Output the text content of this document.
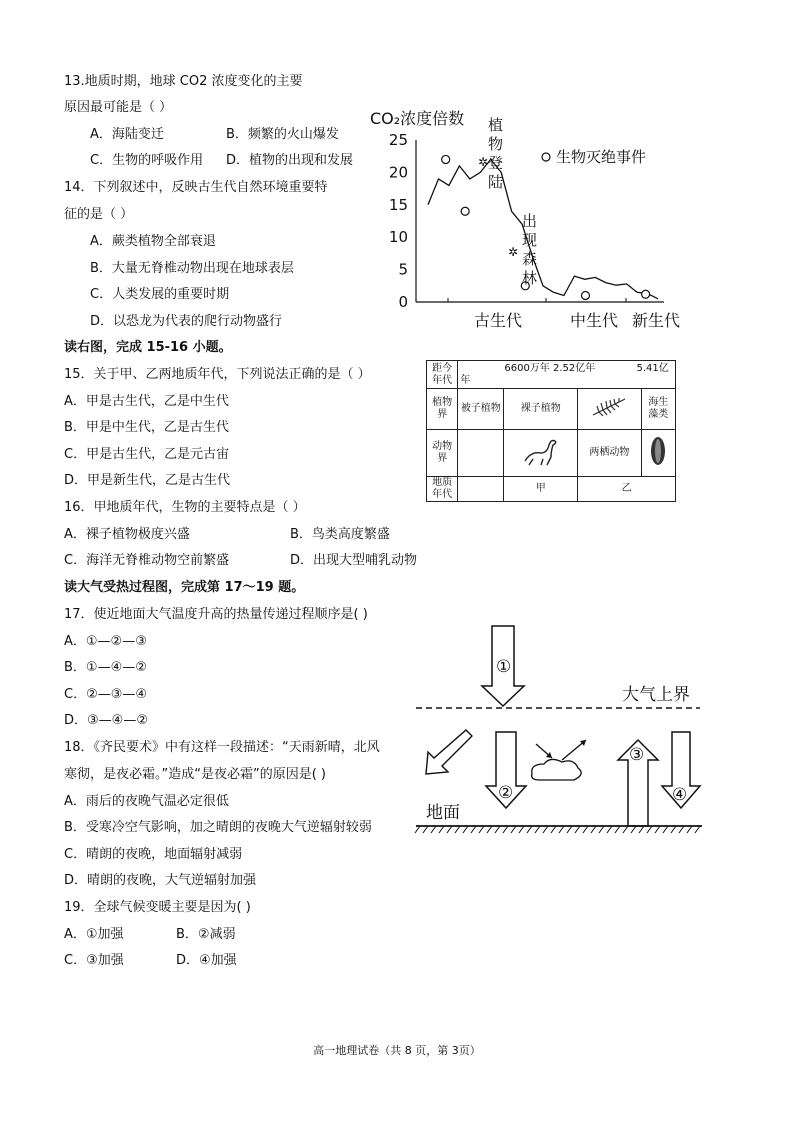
13.地质时期，地球 CO2 浓度变化的主要
原因最可能是（ ）
A．海陆变迁	B．频繁的火山爆发
C．生物的呼吸作用 D．植物的出现和发展
14．下列叙述中，反映古生代自然环境重要特
征的是（ ）
A．蕨类植物全部衰退
B．大量无脊椎动物出现在地球表层
C．人类发展的重要时期
D．以恐龙为代表的爬行动物盛行
读右图，完成 15-16 小题。
15．关于甲、乙两地质年代，下列说法正确的是（ ）
A．甲是古生代，乙是中生代
B．甲是中生代，乙是古生代
C．甲是古生代，乙是元古宙
D．甲是新生代，乙是古生代
16．甲地质年代，生物的主要特点是（ ）
A．裸子植物极度兴盛	B．鸟类高度繁盛
C．海洋无脊椎动物空前繁盛	D．出现大型哺乳动物
读大气受热过程图，完成第 17～19 题。
17．使近地面大气温度升高的热量传递过程顺序是( )
A．①—②—③
B．①—④—②
C．②—③—④
D．③—④—②
18．《齐民要术》中有这样一段描述：“天雨新晴，北风
寒彻，是夜必霜。”造成“是夜必霜”的原因是( )
A．雨后的夜晚气温必定很低
B．受寒冷空气影响，加之晴朗的夜晚大气逆辐射较弱
C．晴朗的夜晚，地面辐射减弱
D．晴朗的夜晚，大气逆辐射加强
19．全球气候变暖主要是因为( )
A．①加强	B．②减弱
C．③加强	D．④加强
CO₂浓度倍数
0
5
10
15
20
25
古生代	中生代 新生代
✲
✲
植物登陆
出现森林
生物灭绝事件
距今年代	6600万年 2.52亿年 5.41亿年			
植物界	被子植物	裸子植物		海生藻类
动物界			两栖动物	
地质年代		甲	乙	
①
大气上界
②
③
④
地面
高一地理试卷（共 8 页，第 3页）
